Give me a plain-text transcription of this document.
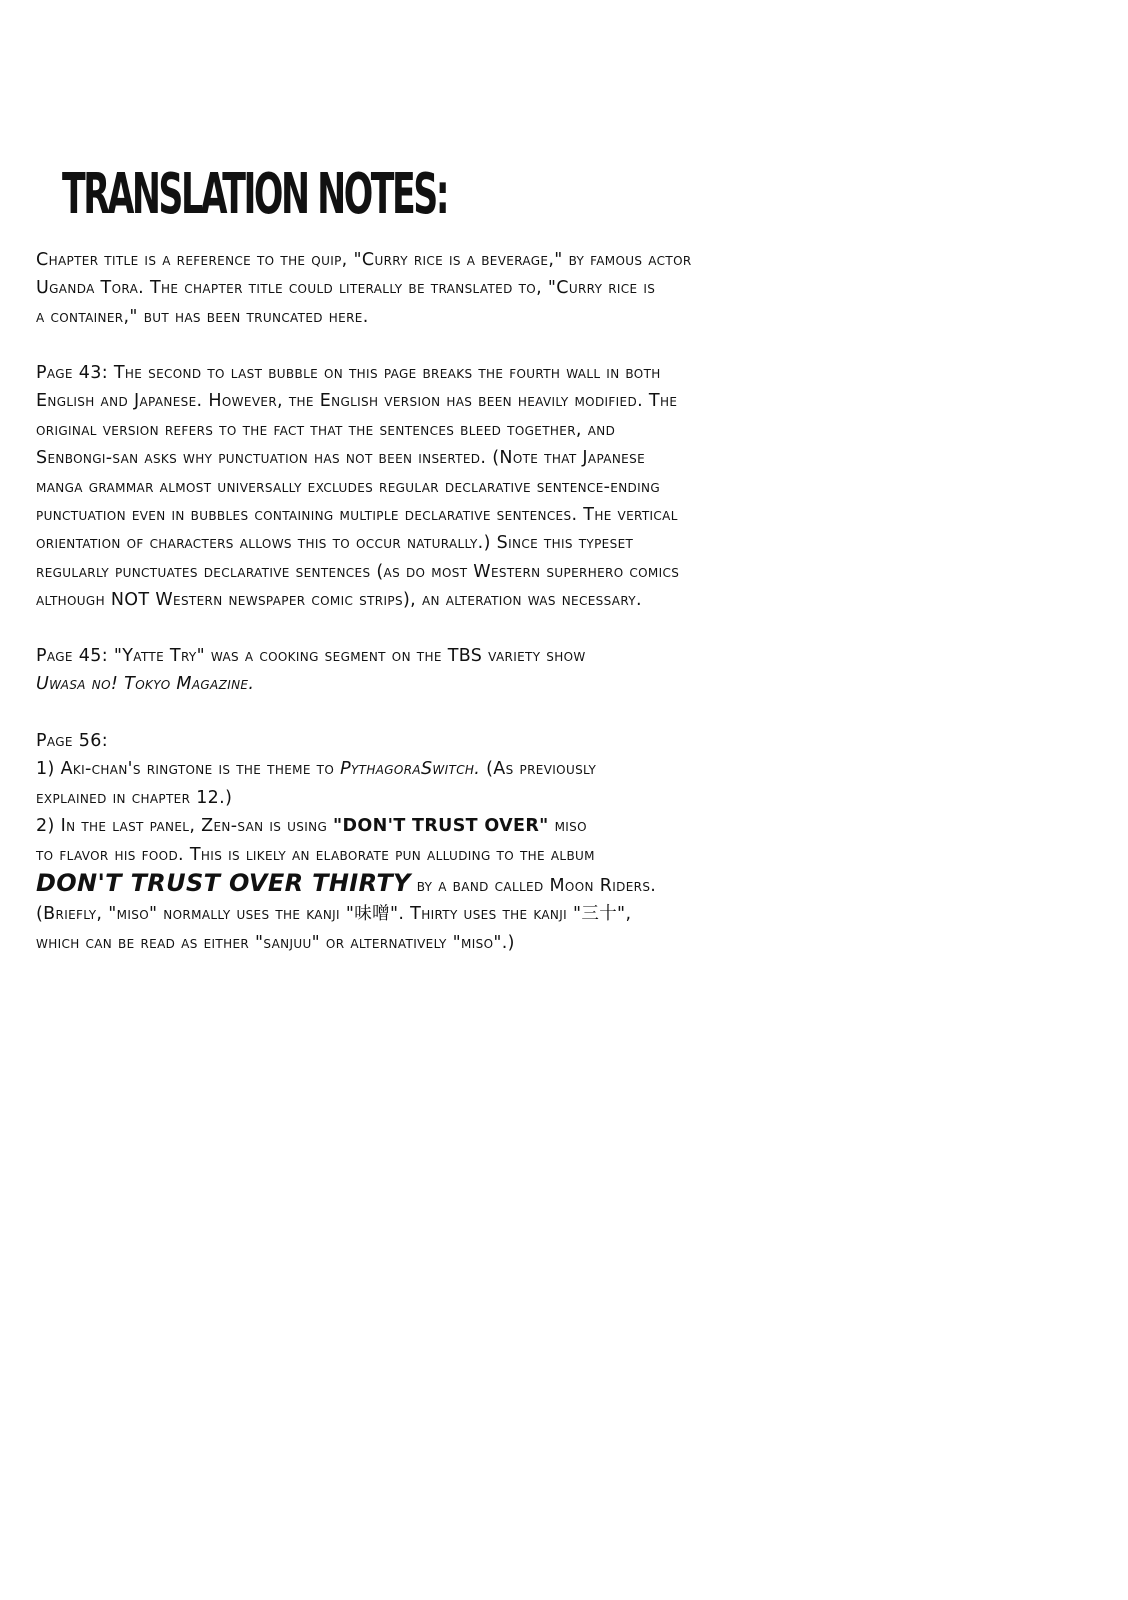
TRANSLATION NOTES:

Chapter title is a reference to the quip, "Curry rice is a beverage," by famous actor
Uganda Tora. The chapter title could literally be translated to, "Curry rice is
a container," but has been truncated here.

Page 43: The second to last bubble on this page breaks the fourth wall in both
English and Japanese. However, the English version has been heavily modified. The
original version refers to the fact that the sentences bleed together, and
Senbongi-san asks why punctuation has not been inserted. (Note that Japanese
manga grammar almost universally excludes regular declarative sentence-ending
punctuation even in bubbles containing multiple declarative sentences. The vertical
orientation of characters allows this to occur naturally.) Since this typeset
regularly punctuates declarative sentences (as do most Western superhero comics
although NOT Western newspaper comic strips), an alteration was necessary.

Page 45: "Yatte Try" was a cooking segment on the TBS variety show
Uwasa no! Tokyo Magazine.

Page 56:
1) Aki-chan's ringtone is the theme to PythagoraSwitch. (As previously
explained in chapter 12.)
2) In the last panel, Zen-san is using "DON'T TRUST OVER" miso
to flavor his food. This is likely an elaborate pun alluding to the album
DON'T TRUST OVER THIRTY by a band called Moon Riders.
(Briefly, "miso" normally uses the kanji "味噌". Thirty uses the kanji "三十",
which can be read as either "sanjuu" or alternatively "miso".)
